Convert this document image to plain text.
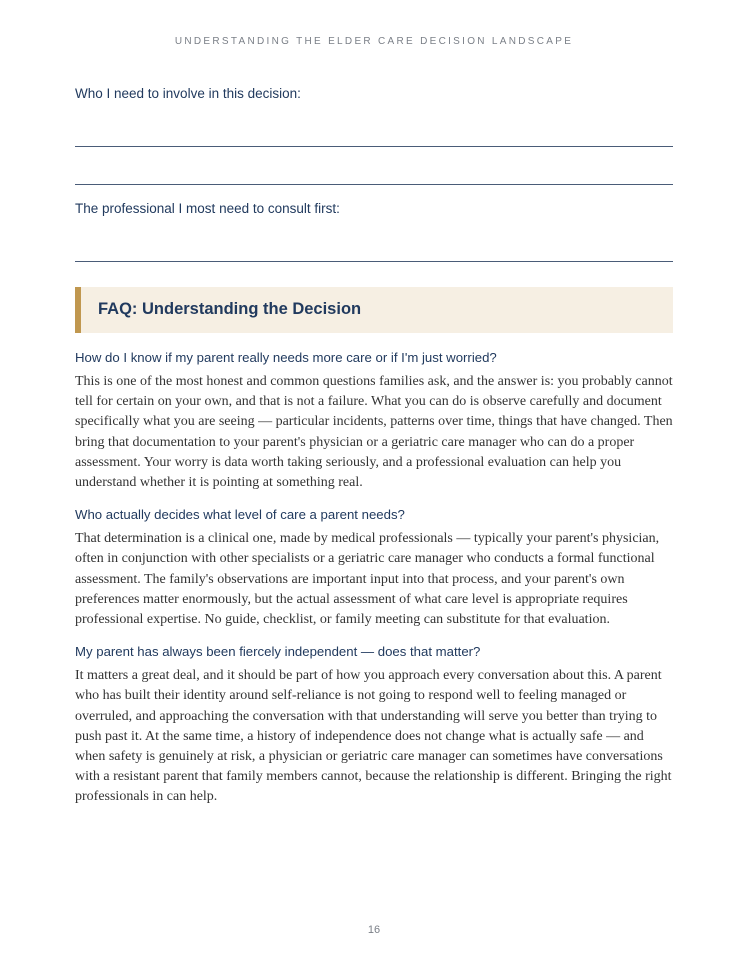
UNDERSTANDING THE ELDER CARE DECISION LANDSCAPE

Who I need to involve in this decision:

The professional I most need to consult first:

FAQ: Understanding the Decision

How do I know if my parent really needs more care or if I'm just worried?

This is one of the most honest and common questions families ask, and the answer is: you probably cannot tell for certain on your own, and that is not a failure. What you can do is observe carefully and document specifically what you are seeing — particular incidents, patterns over time, things that have changed. Then bring that documentation to your parent's physician or a geriatric care manager who can do a proper assessment. Your worry is data worth taking seriously, and a professional evaluation can help you understand whether it is pointing at something real.

Who actually decides what level of care a parent needs?

That determination is a clinical one, made by medical professionals — typically your parent's physician, often in conjunction with other specialists or a geriatric care manager who conducts a formal functional assessment. The family's observations are important input into that process, and your parent's own preferences matter enormously, but the actual assessment of what care level is appropriate requires professional expertise. No guide, checklist, or family meeting can substitute for that evaluation.

My parent has always been fiercely independent — does that matter?

It matters a great deal, and it should be part of how you approach every conversation about this. A parent who has built their identity around self-reliance is not going to respond well to feeling managed or overruled, and approaching the conversation with that understanding will serve you better than trying to push past it. At the same time, a history of independence does not change what is actually safe — and when safety is genuinely at risk, a physician or geriatric care manager can sometimes have conversations with a resistant parent that family members cannot, because the relationship is different. Bringing the right professionals in can help.

16
